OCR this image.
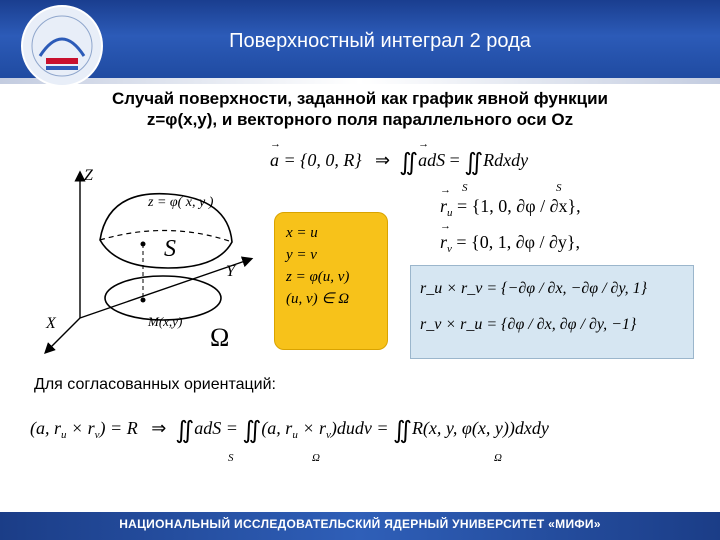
Поверхностный интеграл 2 рода
Случай поверхности, заданной как график явной функции
z=φ(x,y), и векторного поля параллельного оси Oz
Z
Y
X
z = φ( x, y )
S
M(x,y)
Ω
x = u
y = v
z = φ(u, v)
(u, v) ∈ Ω
a = {0, 0, R} → ⇒ ∬adS → = ∬Rdxdy
S	S
$r \to_u = \{1$, 0, ∂φ / ∂x},
$r \to_v = \{0$, 1, ∂φ / ∂y},
r_u × r_v = {−∂φ / ∂x, −∂φ / ∂y, 1}
r_v × r_u = {∂φ / ∂x, ∂φ / ∂y, −1}
Для согласованных ориентаций:
(a, $r_u \times r_v) = R$ ⇒ ∬adS = ∬(a, $r_u$ × $r_v)dudv$ = ∬R(x, y, φ(x, y))dxdy
S	Ω	Ω
НАЦИОНАЛЬНЫЙ ИССЛЕДОВАТЕЛЬСКИЙ ЯДЕРНЫЙ УНИВЕРСИТЕТ «МИФИ»
